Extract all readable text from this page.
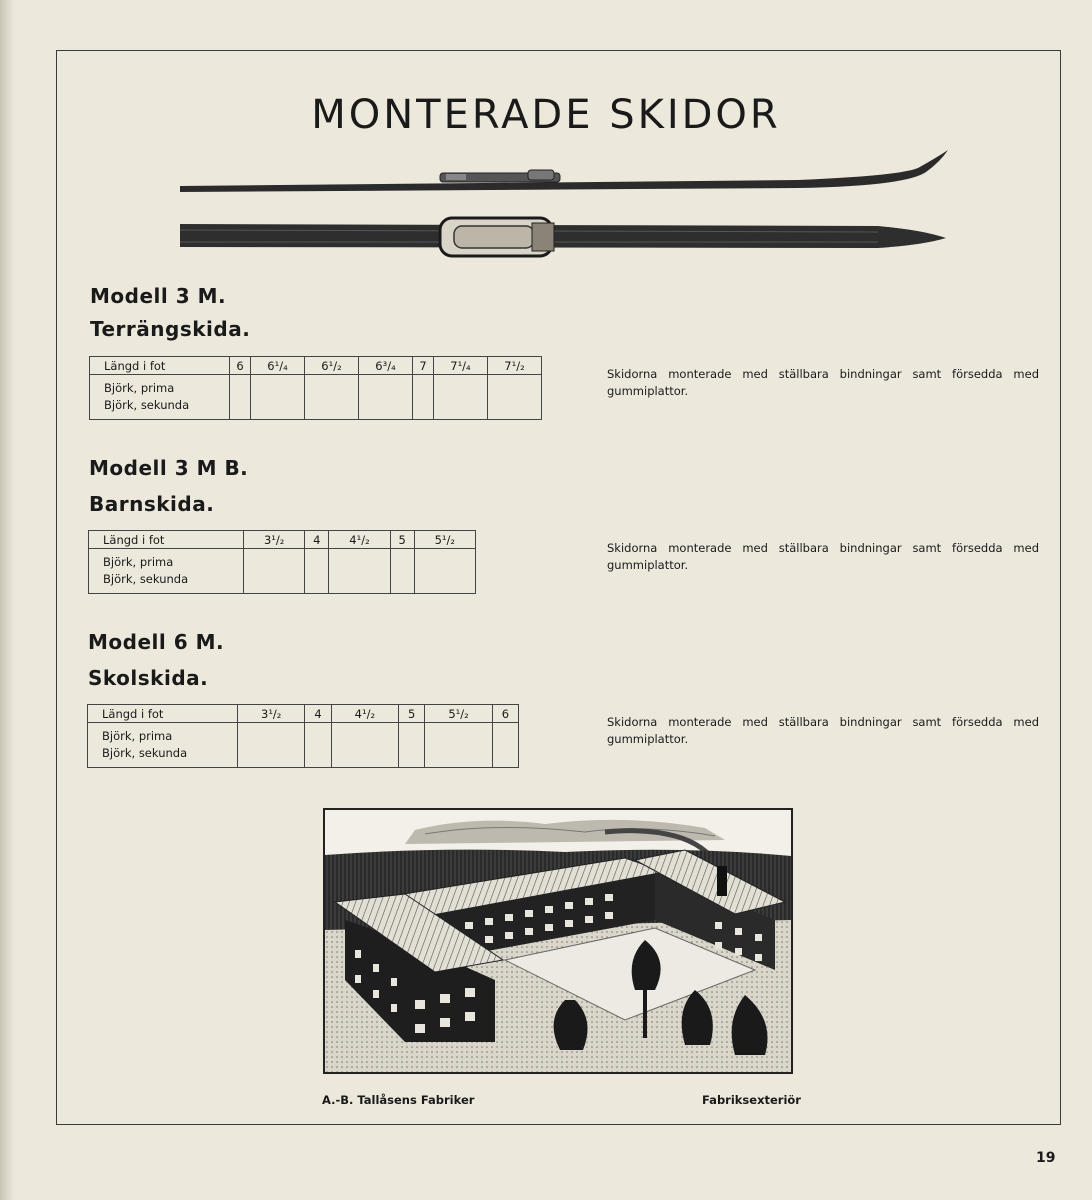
MONTERADE SKIDOR
Modell 3 M.
Terrängskida.
Längd i fot	6	6¹/₄	6¹/₂	6³/₄	7	7¹/₄	7¹/₂
Björk, prima
Björk, sekunda							
Skidorna monterade med ställbara bindningar samt försedda med gummiplattor.
Modell 3 M B.
Barnskida.
Längd i fot	3¹/₂	4	4¹/₂	5	5¹/₂
Björk, prima
Björk, sekunda					
Skidorna monterade med ställbara bindningar samt försedda med gummiplattor.
Modell 6 M.
Skolskida.
Längd i fot	3¹/₂	4	4¹/₂	5	5¹/₂	6
Björk, prima
Björk, sekunda						
Skidorna monterade med ställbara bindningar samt försedda med gummiplattor.
A.-B. Tallåsens Fabriker	Fabriksexteriör
19
